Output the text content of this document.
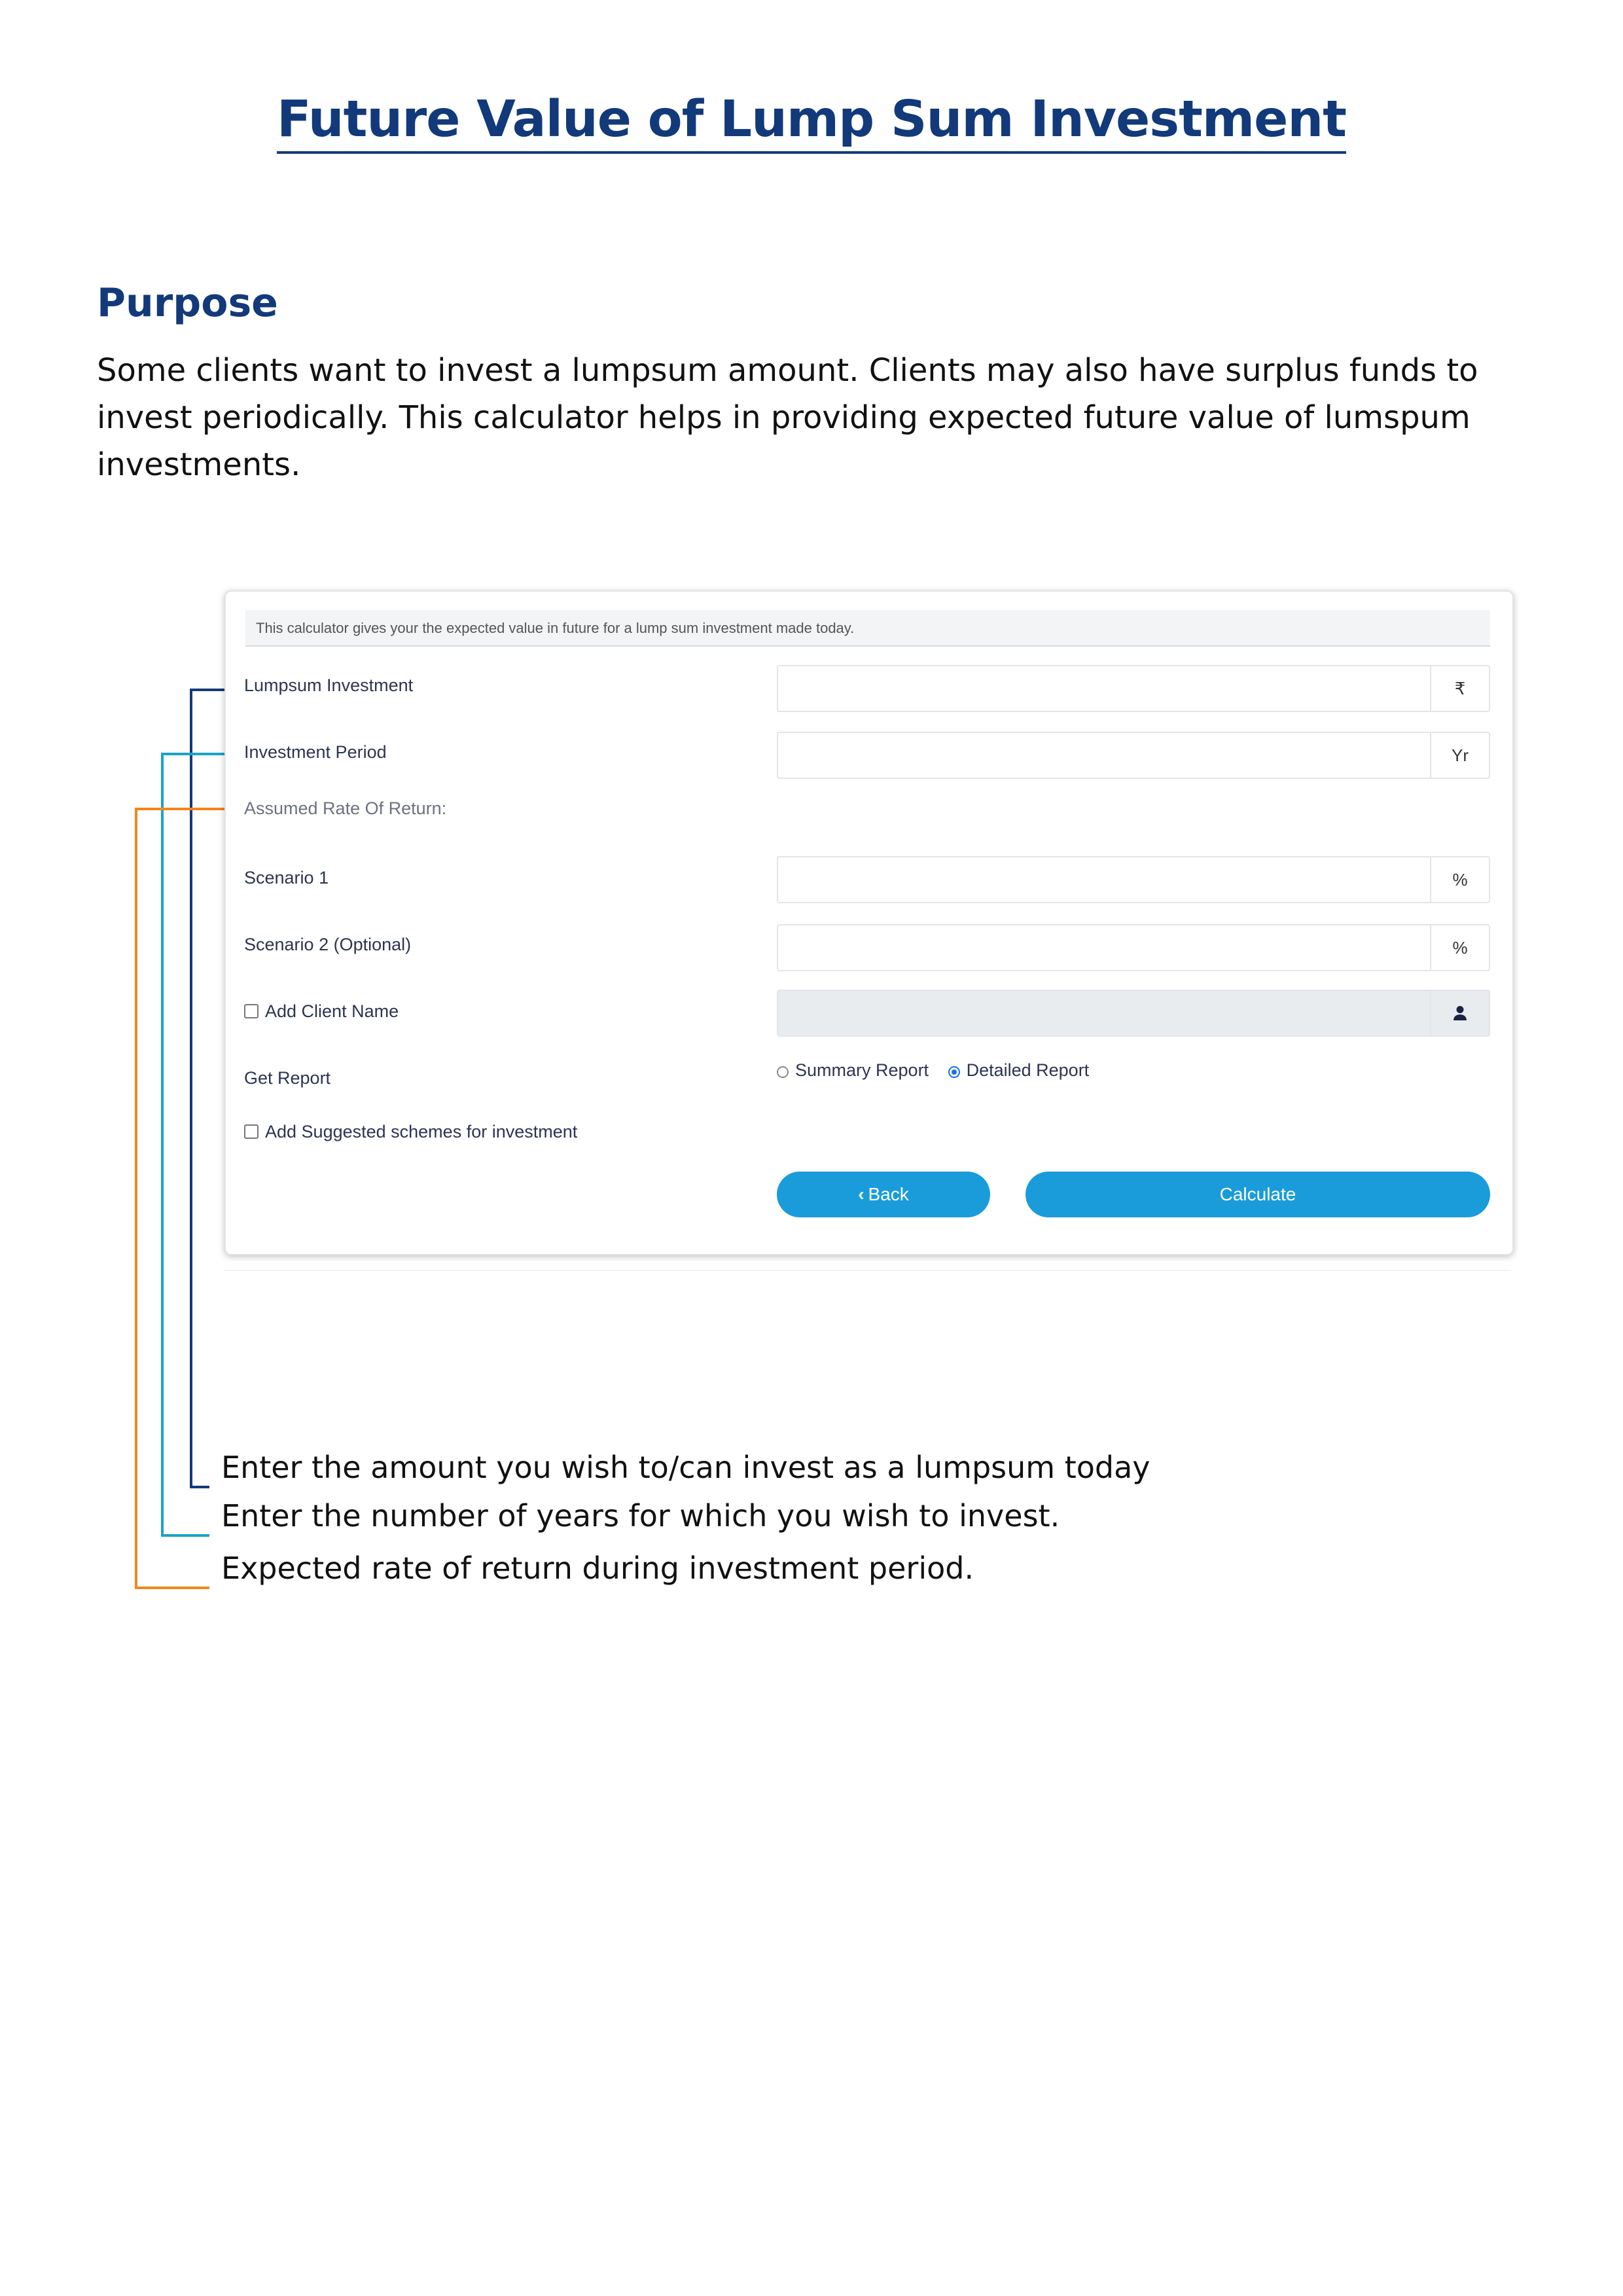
Future Value of Lump Sum Investment
Purpose
Some clients want to invest a lumpsum amount. Clients may also have surplus funds to invest periodically. This calculator helps in providing expected future value of lumspum investments.
This calculator gives your the expected value in future for a lump sum investment made today.
Lumpsum Investment	₹
Investment Period	Yr
Assumed Rate Of Return:
Scenario 1	%
Scenario 2 (Optional)	%
Add Client Name
Get Report	Summary Report Detailed Report
Add Suggested schemes for investment
‹ Back	Calculate
Enter the amount you wish to/can invest as a lumpsum today
Enter the number of years for which you wish to invest.
Expected rate of return during investment period.
